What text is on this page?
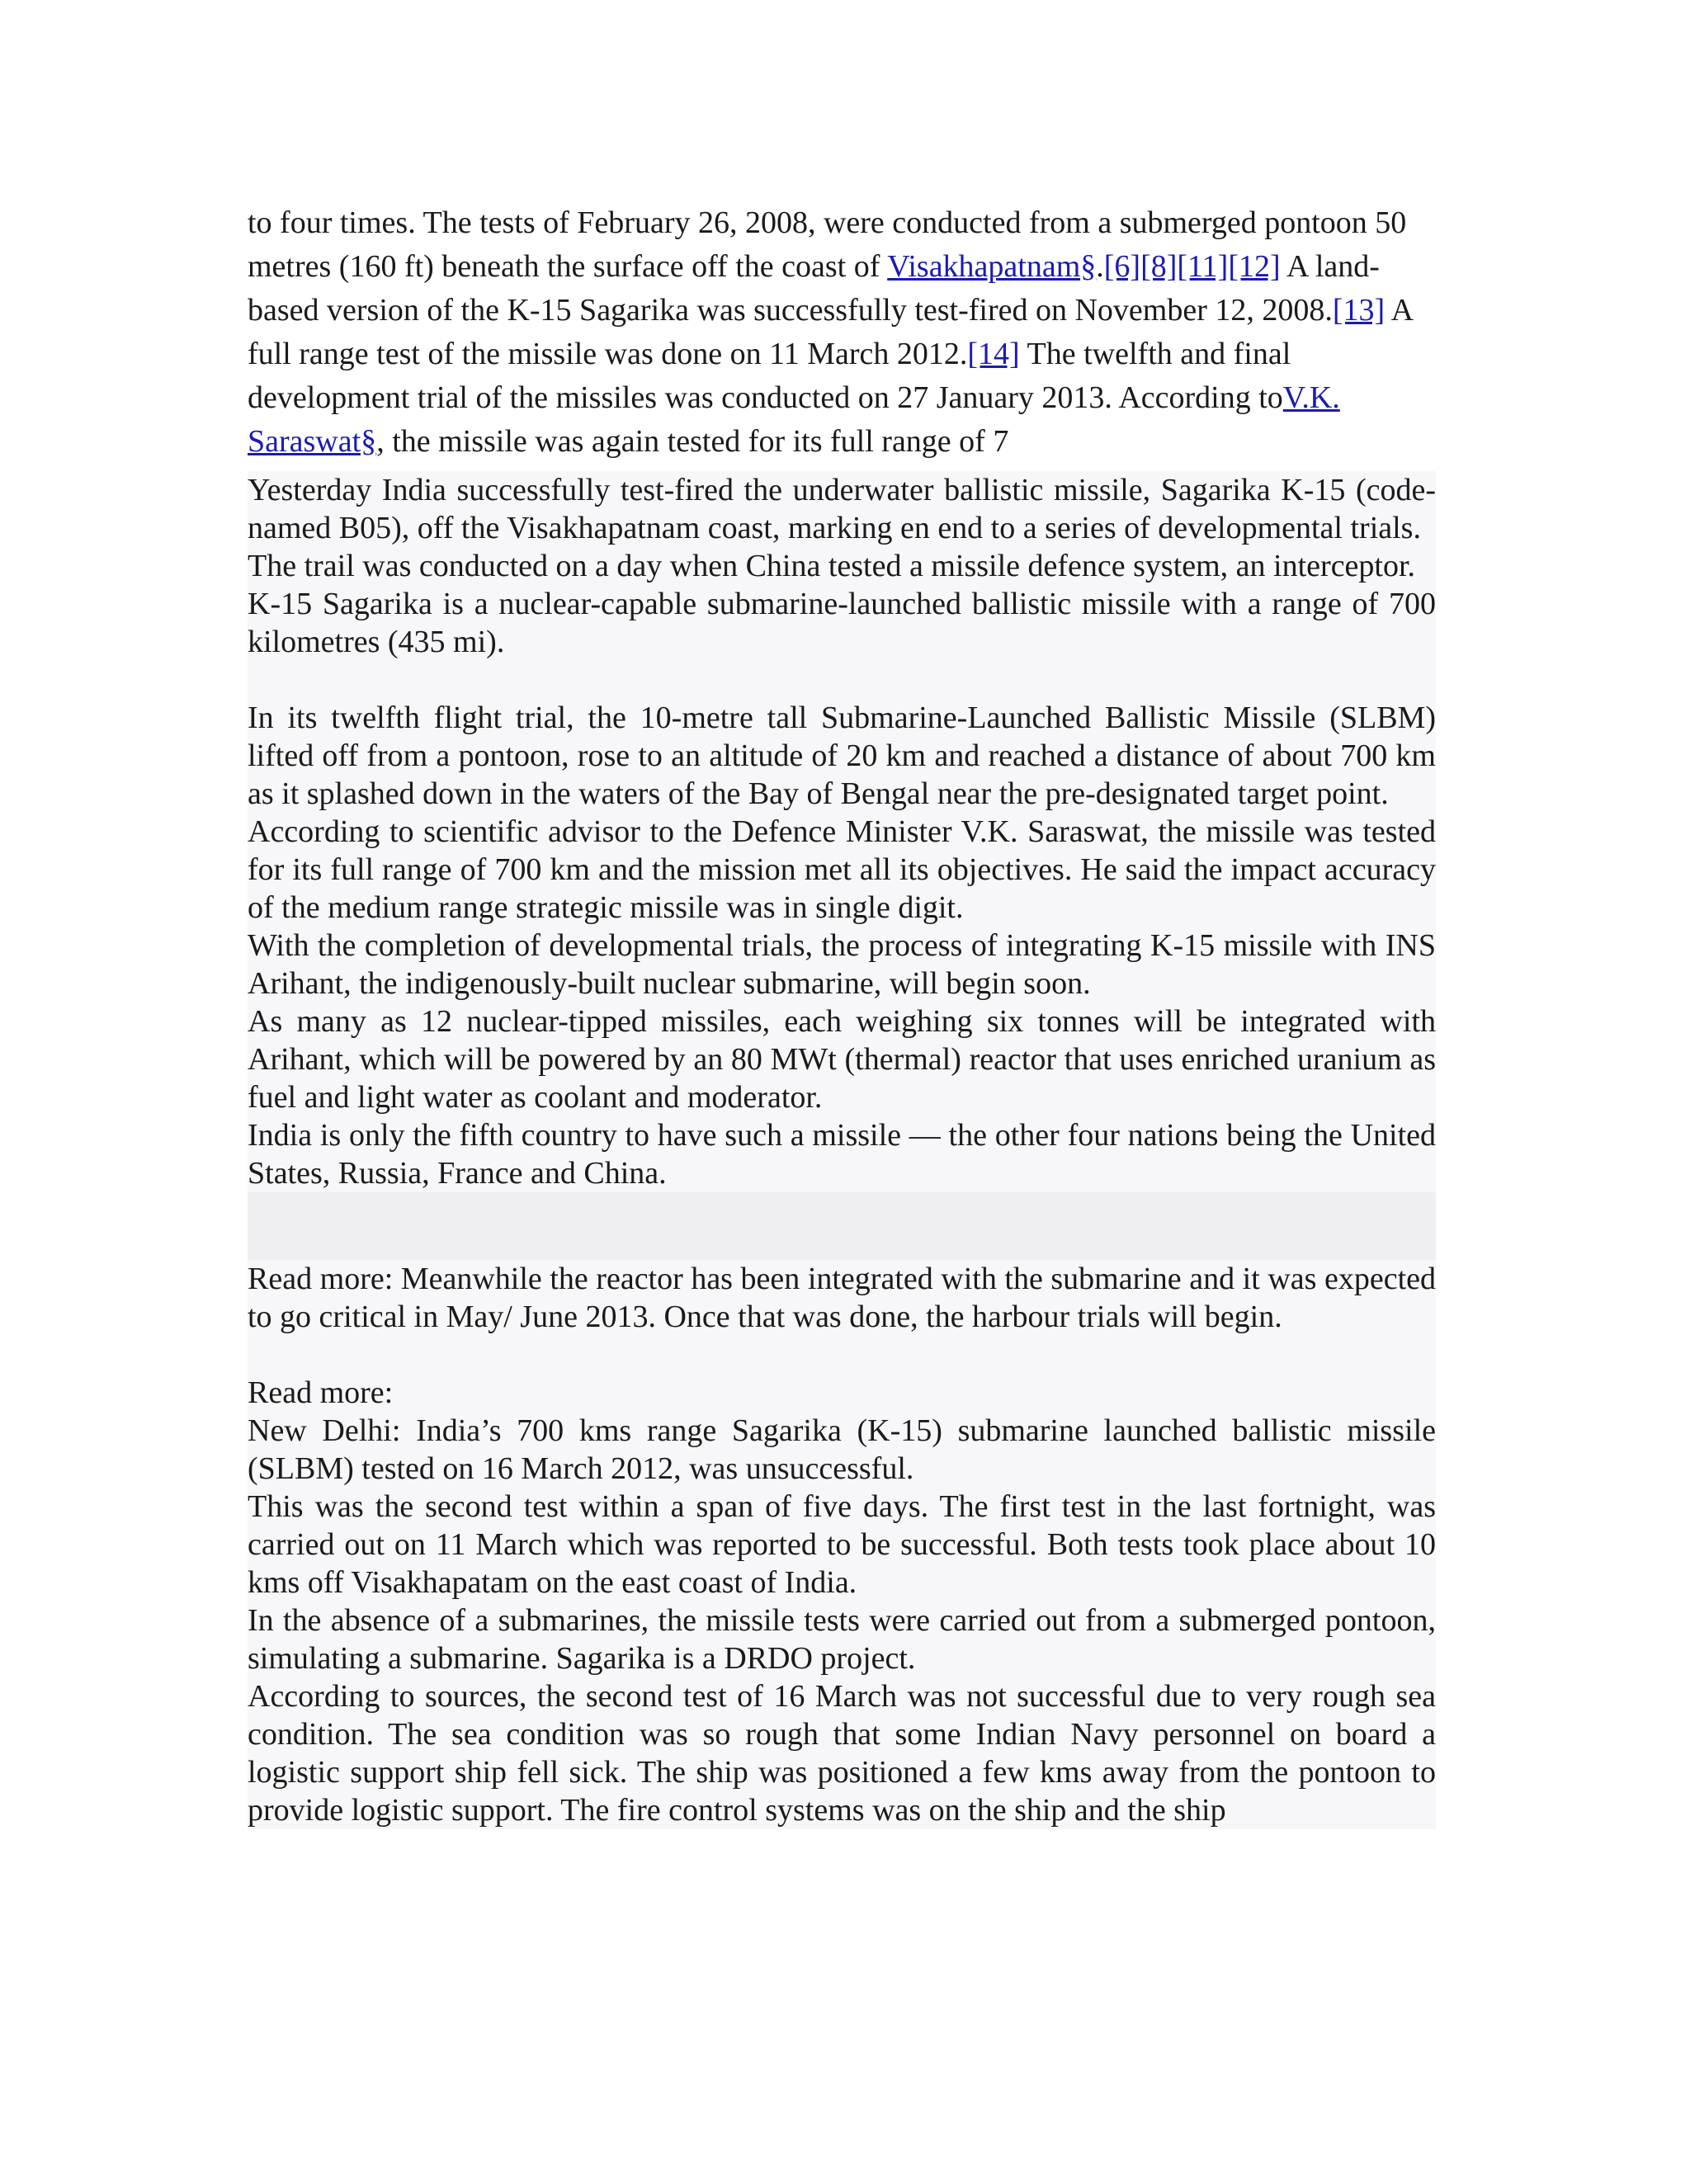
to four times. The tests of February 26, 2008, were conducted from a submerged pontoon 50 metres (160 ft) beneath the surface off the coast of Visakhapatnam§.[6][8][11][12] A land-based version of the K-15 Sagarika was successfully test-fired on November 12, 2008.[13] A full range test of the missile was done on 11 March 2012.[14] The twelfth and final development trial of the missiles was conducted on 27 January 2013. According toV.K. Saraswat§, the missile was again tested for its full range of 7

Yesterday India successfully test-fired the underwater ballistic missile, Sagarika K-15 (code-named B05), off the Visakhapatnam coast, marking en end to a series of developmental trials.

The trail was conducted on a day when China tested a missile defence system, an interceptor.

K-15 Sagarika is a nuclear-capable submarine-launched ballistic missile with a range of 700 kilometres (435 mi).

In its twelfth flight trial, the 10-metre tall Submarine-Launched Ballistic Missile (SLBM) lifted off from a pontoon, rose to an altitude of 20 km and reached a distance of about 700 km as it splashed down in the waters of the Bay of Bengal near the pre-designated target point.

According to scientific advisor to the Defence Minister V.K. Saraswat, the missile was tested for its full range of 700 km and the mission met all its objectives. He said the impact accuracy of the medium range strategic missile was in single digit.

With the completion of developmental trials, the process of integrating K-15 missile with INS Arihant, the indigenously-built nuclear submarine, will begin soon.

As many as 12 nuclear-tipped missiles, each weighing six tonnes will be integrated with Arihant, which will be powered by an 80 MWt (thermal) reactor that uses enriched uranium as fuel and light water as coolant and moderator.

India is only the fifth country to have such a missile — the other four nations being the United States, Russia, France and China.

Read more: Meanwhile the reactor has been integrated with the submarine and it was expected to go critical in May/ June 2013. Once that was done, the harbour trials will begin.

Read more:

New Delhi: India’s 700 kms range Sagarika (K-15) submarine launched ballistic missile (SLBM) tested on 16 March 2012, was unsuccessful.

This was the second test within a span of five days. The first test in the last fortnight, was carried out on 11 March which was reported to be successful. Both tests took place about 10 kms off Visakhapatam on the east coast of India.

In the absence of a submarines, the missile tests were carried out from a submerged pontoon, simulating a submarine. Sagarika is a DRDO project.

According to sources, the second test of 16 March was not successful due to very rough sea condition. The sea condition was so rough that some Indian Navy personnel on board a logistic support ship fell sick. The ship was positioned a few kms away from the pontoon to provide logistic support. The fire control systems was on the ship and the ship
